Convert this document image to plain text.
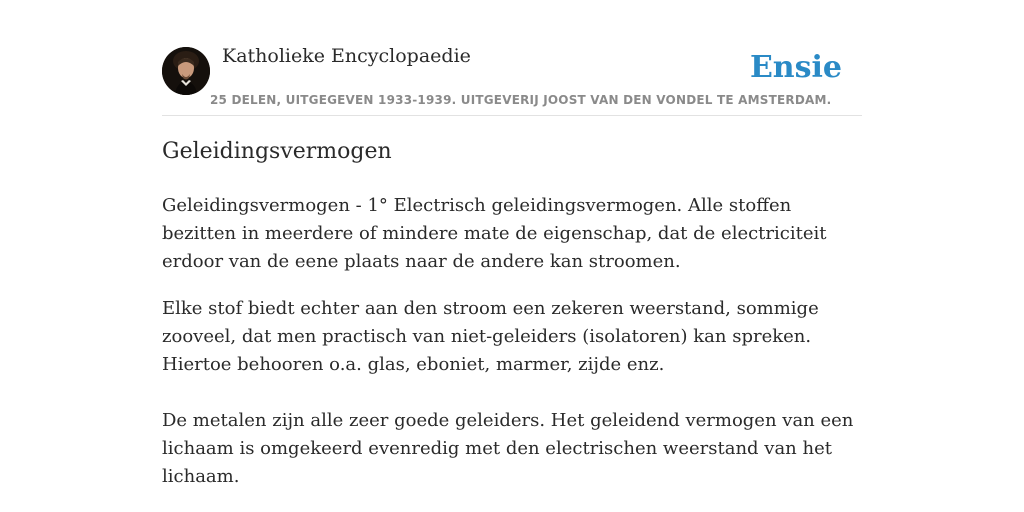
Katholieke Encyclopaedie
25 DELEN, UITGEGEVEN 1933-1939. UITGEVERIJ JOOST VAN DEN VONDEL TE AMSTERDAM.
Ensie
Geleidingsvermogen

Geleidingsvermogen - 1° Electrisch geleidingsvermogen. Alle stoffen bezitten in meerdere of mindere mate de eigenschap, dat de electriciteit erdoor van de eene plaats naar de andere kan stroomen.

Elke stof biedt echter aan den stroom een zekeren weerstand, sommige zooveel, dat men practisch van niet-geleiders (isolatoren) kan spreken. Hiertoe behooren o.a. glas, eboniet, marmer, zijde enz.

De metalen zijn alle zeer goede geleiders. Het geleidend vermogen van een lichaam is omgekeerd evenredig met den electrischen weerstand van het lichaam.
